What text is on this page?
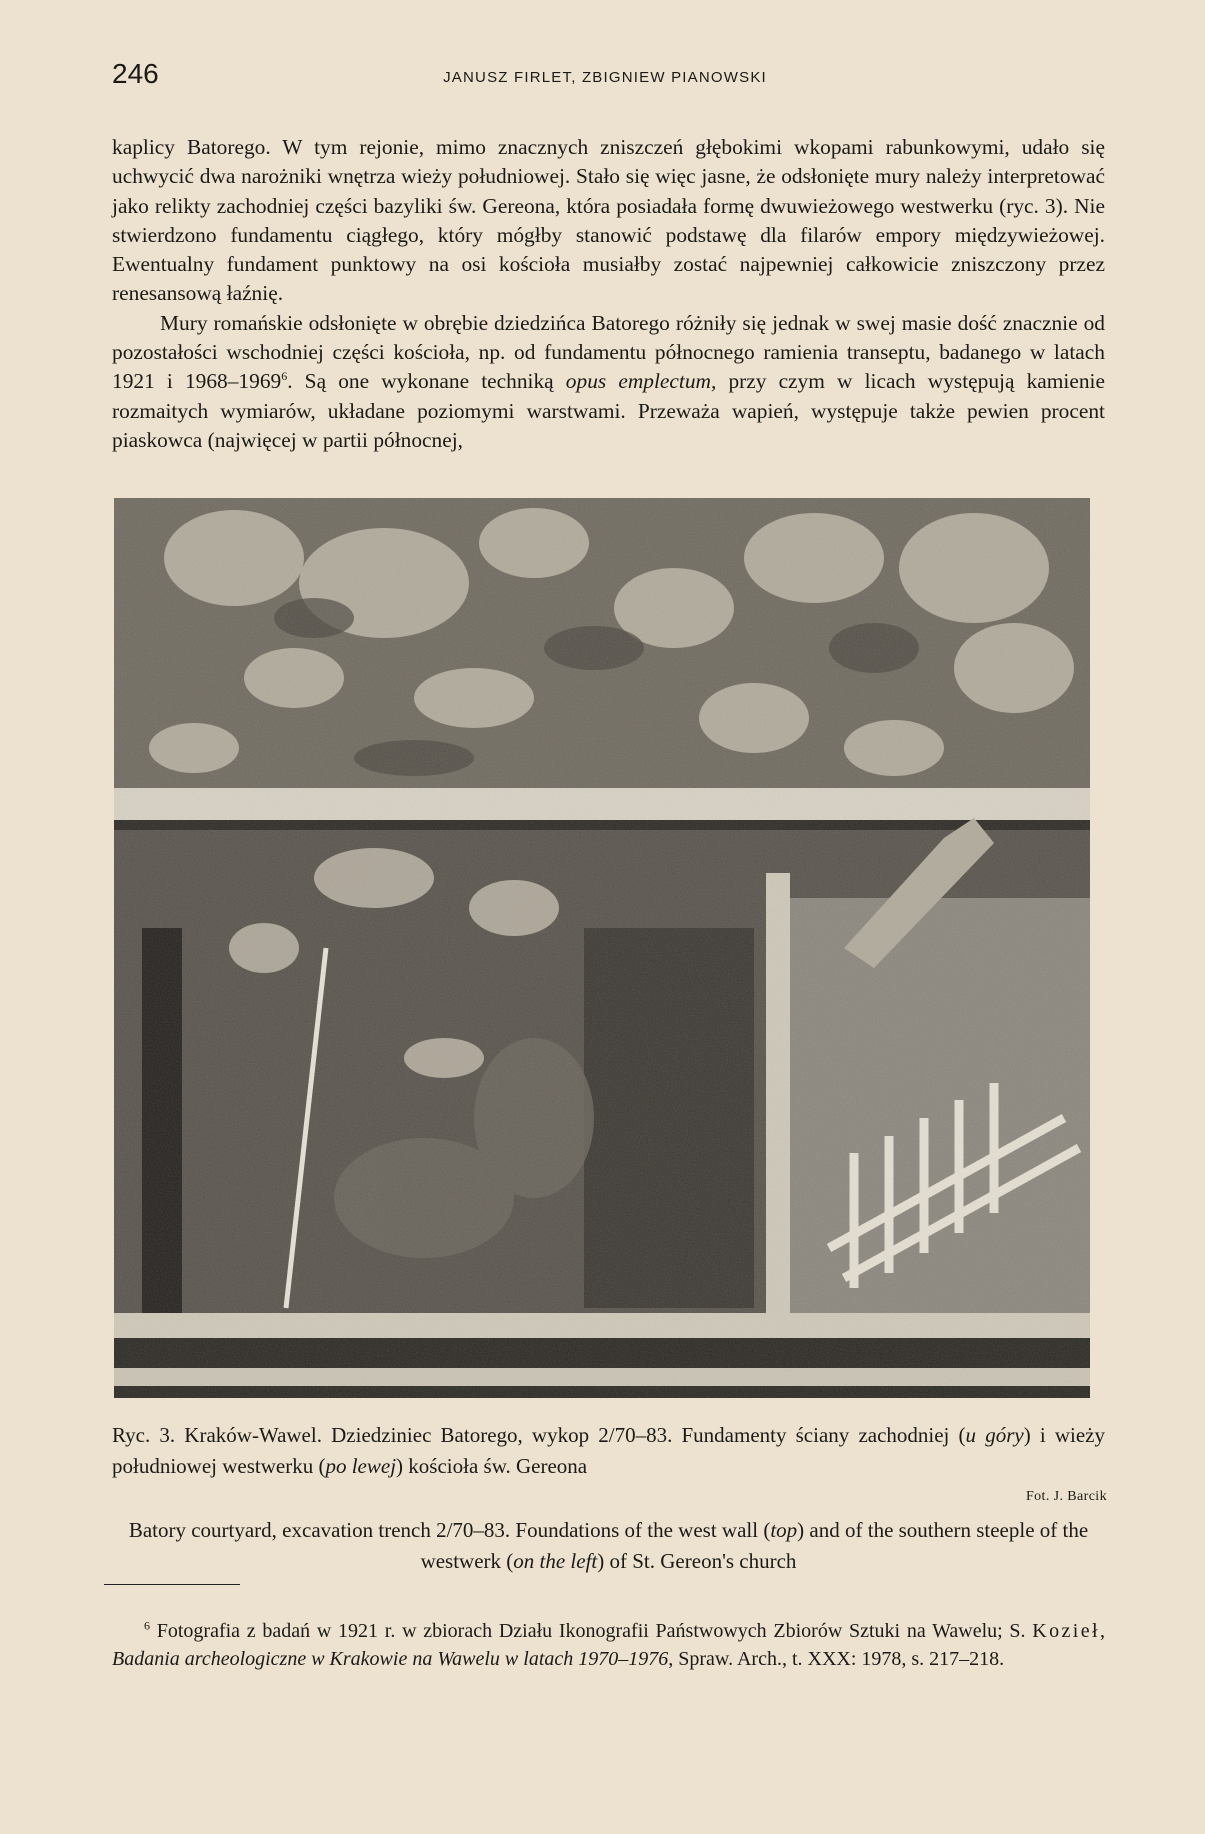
246	JANUSZ FIRLET, ZBIGNIEW PIANOWSKI

kaplicy Batorego. W tym rejonie, mimo znacznych zniszczeń głębokimi wkopami rabunkowymi, udało się uchwycić dwa narożniki wnętrza wieży południowej. Stało się więc jasne, że odsłonięte mury należy interpretować jako relikty zachodniej części bazyliki św. Gereona, która posiadała formę dwuwieżowego westwerku (ryc. 3). Nie stwierdzono fundamentu ciągłego, który mógłby stanowić podstawę dla filarów empory międzywieżowej. Ewentualny fundament punktowy na osi kościoła musiałby zostać najpewniej całkowicie zniszczony przez renesansową łaźnię.

Mury romańskie odsłonięte w obrębie dziedzińca Batorego różniły się jednak w swej masie dość znacznie od pozostałości wschodniej części kościoła, np. od fundamentu północnego ramienia transeptu, badanego w latach 1921 i 1968–1969$^6$. Są one wykonane techniką opus emplectum, przy czym w licach występują kamienie rozmaitych wymiarów, układane poziomymi warstwami. Przeważa wapień, występuje także pewien procent piaskowca (najwięcej w partii północnej,

Ryc. 3. Kraków-Wawel. Dziedziniec Batorego, wykop 2/70–83. Fundamenty ściany zachodniej (u góry) i wieży południowej westwerku (po lewej) kościoła św. Gereona
Fot. J. Barcik
Batory courtyard, excavation trench 2/70–83. Foundations of the west wall (top) and of the southern steeple of the westwerk (on the left) of St. Gereon's church
$^6$ Fotografia z badań w 1921 r. w zbiorach Działu Ikonografii Państwowych Zbiorów Sztuki na Wawelu; S. Kozieł, Badania archeologiczne w Krakowie na Wawelu w latach 1970–1976, Spraw. Arch., t. XXX: 1978, s. 217–218.
